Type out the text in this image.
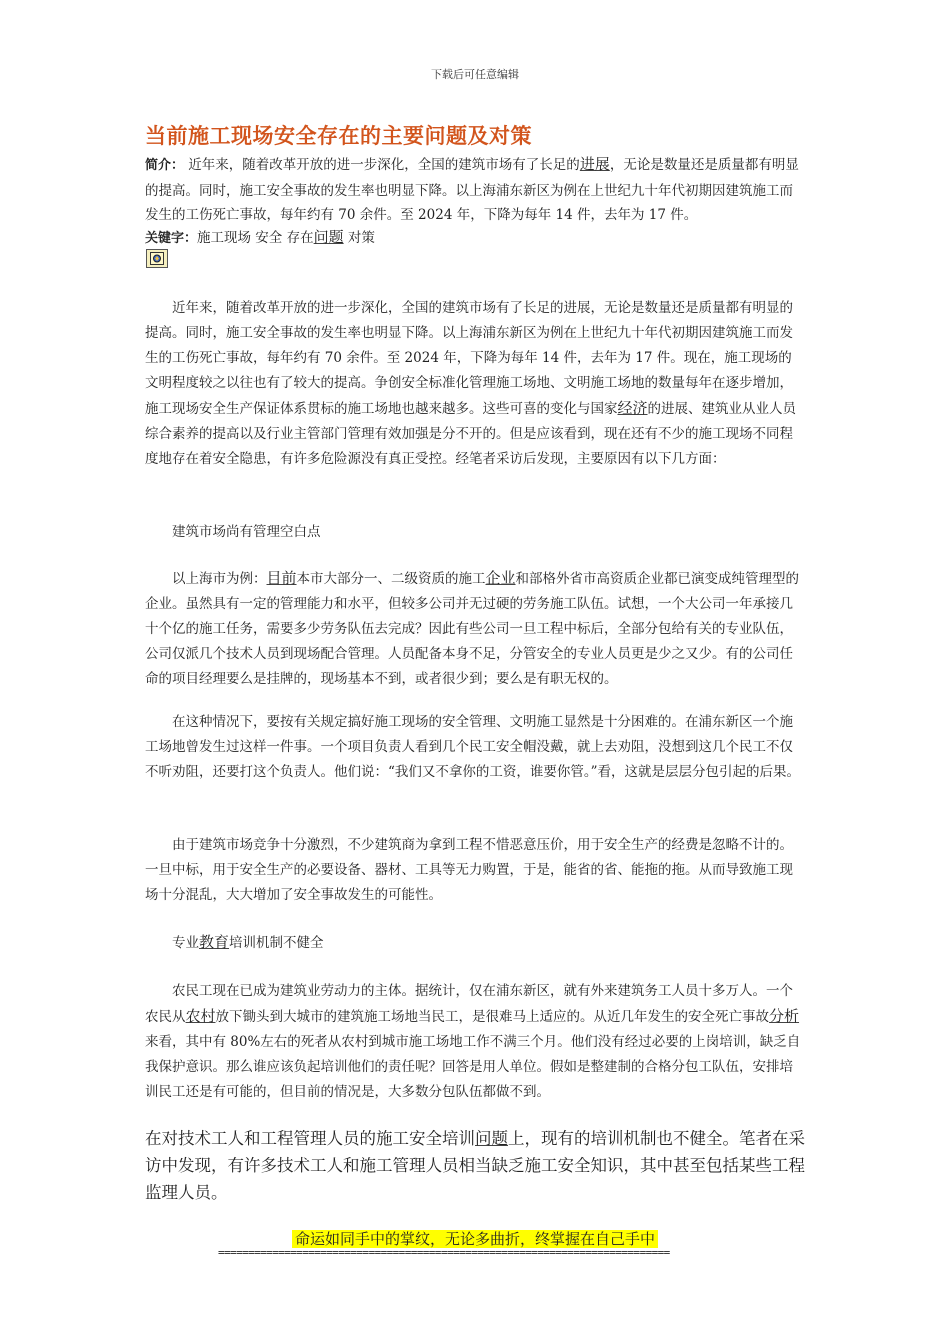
下载后可任意编辑
当前施工现场安全存在的主要问题及对策
简介： 近年来，随着改革开放的进一步深化，全国的建筑市场有了长足的进展，无论是数量还是质量都有明显的提高。同时，施工安全事故的发生率也明显下降。以上海浦东新区为例在上世纪九十年代初期因建筑施工而发生的工伤死亡事故，每年约有 70 余件。至 2024 年，下降为每年 14 件，去年为 17 件。
关键字：施工现场 安全 存在问题 对策

近年来，随着改革开放的进一步深化，全国的建筑市场有了长足的进展，无论是数量还是质量都有明显的提高。同时，施工安全事故的发生率也明显下降。以上海浦东新区为例在上世纪九十年代初期因建筑施工而发生的工伤死亡事故，每年约有 70 余件。至 2024 年，下降为每年 14 件，去年为 17 件。现在，施工现场的文明程度较之以往也有了较大的提高。争创安全标准化管理施工场地、文明施工场地的数量每年在逐步增加，施工现场安全生产保证体系贯标的施工场地也越来越多。这些可喜的变化与国家经济的进展、建筑业从业人员综合素养的提高以及行业主管部门管理有效加强是分不开的。但是应该看到，现在还有不少的施工现场不同程度地存在着安全隐患，有许多危险源没有真正受控。经笔者采访后发现，主要原因有以下几方面：

建筑市场尚有管理空白点

以上海市为例：目前本市大部分一、二级资质的施工企业和部格外省市高资质企业都已演变成纯管理型的企业。虽然具有一定的管理能力和水平，但较多公司并无过硬的劳务施工队伍。试想，一个大公司一年承接几十个亿的施工任务，需要多少劳务队伍去完成？因此有些公司一旦工程中标后，全部分包给有关的专业队伍，公司仅派几个技术人员到现场配合管理。人员配备本身不足，分管安全的专业人员更是少之又少。有的公司任命的项目经理要么是挂牌的，现场基本不到，或者很少到；要么是有职无权的。

在这种情况下，要按有关规定搞好施工现场的安全管理、文明施工显然是十分困难的。在浦东新区一个施工场地曾发生过这样一件事。一个项目负责人看到几个民工安全帽没戴，就上去劝阻，没想到这几个民工不仅不听劝阻，还要打这个负责人。他们说：“我们又不拿你的工资，谁要你管。”看，这就是层层分包引起的后果。

由于建筑市场竞争十分激烈，不少建筑商为拿到工程不惜恶意压价，用于安全生产的经费是忽略不计的。一旦中标，用于安全生产的必要设备、器材、工具等无力购置，于是，能省的省、能拖的拖。从而导致施工现场十分混乱，大大增加了安全事故发生的可能性。

专业教育培训机制不健全

农民工现在已成为建筑业劳动力的主体。据统计，仅在浦东新区，就有外来建筑务工人员十多万人。一个农民从农村放下锄头到大城市的建筑施工场地当民工，是很难马上适应的。从近几年发生的安全死亡事故分析来看，其中有 80%左右的死者从农村到城市施工场地工作不满三个月。他们没有经过必要的上岗培训，缺乏自我保护意识。那么谁应该负起培训他们的责任呢？回答是用人单位。假如是整建制的合格分包工队伍，安排培训民工还是有可能的，但目前的情况是，大多数分包队伍都做不到。

在对技术工人和工程管理人员的施工安全培训问题上，现有的培训机制也不健全。笔者在采访中发现，有许多技术工人和施工管理人员相当缺乏施工安全知识，其中甚至包括某些工程监理人员。
命运如同手中的掌纹，无论多曲折，终掌握在自己手中
===========================================================================
